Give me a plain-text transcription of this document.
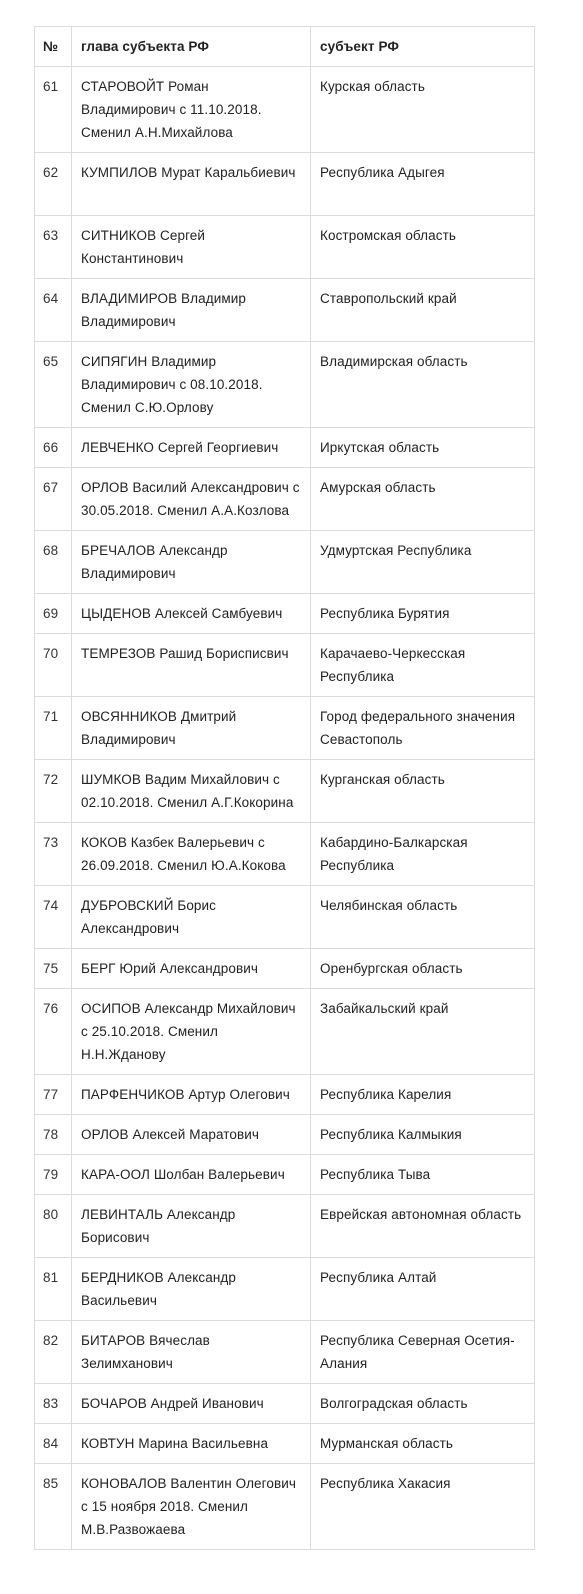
№	глава субъекта РФ	субъект РФ
61	СТАРОВОЙТ Роман Владимирович с 11.10.2018. Сменил А.Н.Михайлова	Курская область
62	КУМПИЛОВ Мурат Каральбиевич	Республика Адыгея
63	СИТНИКОВ Сергей Константинович	Костромская область
64	ВЛАДИМИРОВ Владимир Владимирович	Ставропольский край
65	СИПЯГИН Владимир Владимирович с 08.10.2018. Сменил С.Ю.Орлову	Владимирская область
66	ЛЕВЧЕНКО Сергей Георгиевич	Иркутская область
67	ОРЛОВ Василий Александрович с 30.05.2018. Сменил А.А.Козлова	Амурская область
68	БРЕЧАЛОВ Александр Владимирович	Удмуртская Республика
69	ЦЫДЕНОВ Алексей Самбуевич	Республика Бурятия
70	ТЕМРЕЗОВ Рашид Борисписвич	Карачаево-Черкесская Республика
71	ОВСЯННИКОВ Дмитрий Владимирович	Город федерального значения Севастополь
72	ШУМКОВ Вадим Михайлович с 02.10.2018. Сменил А.Г.Кокорина	Курганская область
73	КОКОВ Казбек Валерьевич с 26.09.2018. Сменил Ю.А.Кокова	Кабардино-Балкарская Республика
74	ДУБРОВСКИЙ Борис Александрович	Челябинская область
75	БЕРГ Юрий Александрович	Оренбургская область
76	ОСИПОВ Александр Михайлович с 25.10.2018. Сменил Н.Н.Жданову	Забайкальский край
77	ПАРФЕНЧИКОВ Артур Олегович	Республика Карелия
78	ОРЛОВ Алексей Маратович	Республика Калмыкия
79	КАРА-ООЛ Шолбан Валерьевич	Республика Тыва
80	ЛЕВИНТАЛЬ Александр Борисович	Еврейская автономная область
81	БЕРДНИКОВ Александр Васильевич	Республика Алтай
82	БИТАРОВ Вячеслав Зелимханович	Республика Северная Осетия-Алания
83	БОЧАРОВ Андрей Иванович	Волгоградская область
84	КОВТУН Марина Васильевна	Мурманская область
85	КОНОВАЛОВ Валентин Олегович с 15 ноября 2018. Сменил М.В.Развожаева	Республика Хакасия
